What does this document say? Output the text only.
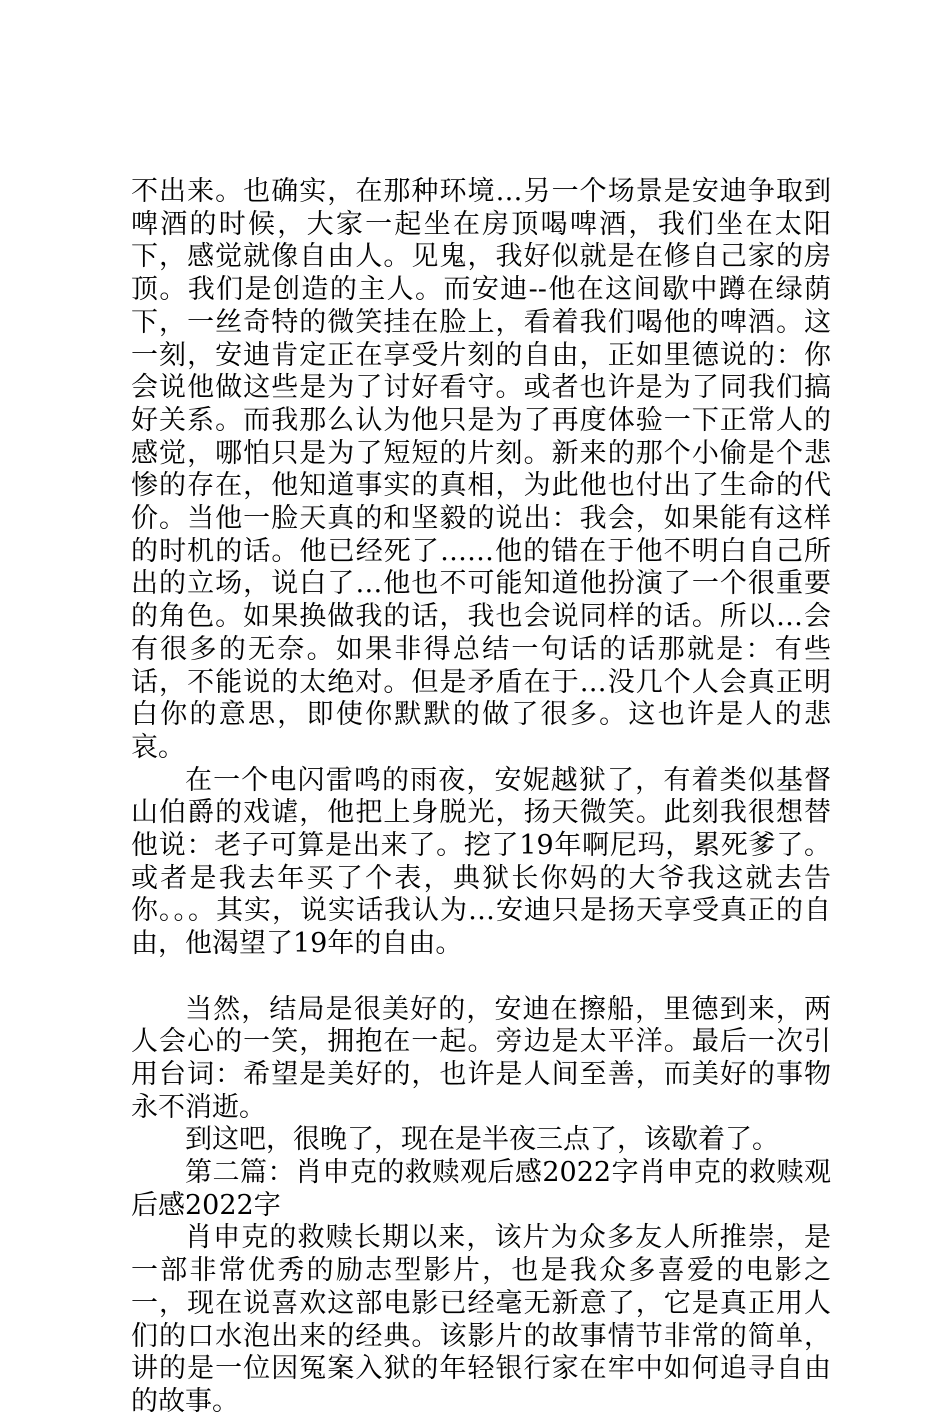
不出来。也确实，在那种环境…另一个场景是安迪争取到啤酒的时候，大家一起坐在房顶喝啤酒，我们坐在太阳下，感觉就像自由人。见鬼，我好似就是在修自己家的房顶。我们是创造的主人。而安迪--他在这间歇中蹲在绿荫下，一丝奇特的微笑挂在脸上，看着我们喝他的啤酒。这一刻，安迪肯定正在享受片刻的自由，正如里德说的：你会说他做这些是为了讨好看守。或者也许是为了同我们搞好关系。而我那么认为他只是为了再度体验一下正常人的感觉，哪怕只是为了短短的片刻。新来的那个小偷是个悲惨的存在，他知道事实的真相，为此他也付出了生命的代价。当他一脸天真的和坚毅的说出：我会，如果能有这样的时机的话。他已经死了……他的错在于他不明白自己所出的立场，说白了…他也不可能知道他扮演了一个很重要的角色。如果换做我的话，我也会说同样的话。所以…会有很多的无奈。如果非得总结一句话的话那就是：有些话，不能说的太绝对。但是矛盾在于…没几个人会真正明白你的意思，即使你默默的做了很多。这也许是人的悲哀。

在一个电闪雷鸣的雨夜，安妮越狱了，有着类似基督山伯爵的戏谑，他把上身脱光，扬天微笑。此刻我很想替他说：老子可算是出来了。挖了19年啊尼玛，累死爹了。或者是我去年买了个表，典狱长你妈的大爷我这就去告你。。。其实，说实话我认为…安迪只是扬天享受真正的自由，他渴望了19年的自由。

当然，结局是很美好的，安迪在擦船，里德到来，两人会心的一笑，拥抱在一起。旁边是太平洋。最后一次引用台词：希望是美好的，也许是人间至善，而美好的事物永不消逝。

到这吧，很晚了，现在是半夜三点了，该歇着了。

第二篇：肖申克的救赎观后感2022字肖申克的救赎观后感2022字

肖申克的救赎长期以来，该片为众多友人所推崇，是一部非常优秀的励志型影片，也是我众多喜爱的电影之一，现在说喜欢这部电影已经毫无新意了，它是真正用人们的口水泡出来的经典。该影片的故事情节非常的简单，讲的是一位因冤案入狱的年轻银行家在牢中如何追寻自由的故事。
